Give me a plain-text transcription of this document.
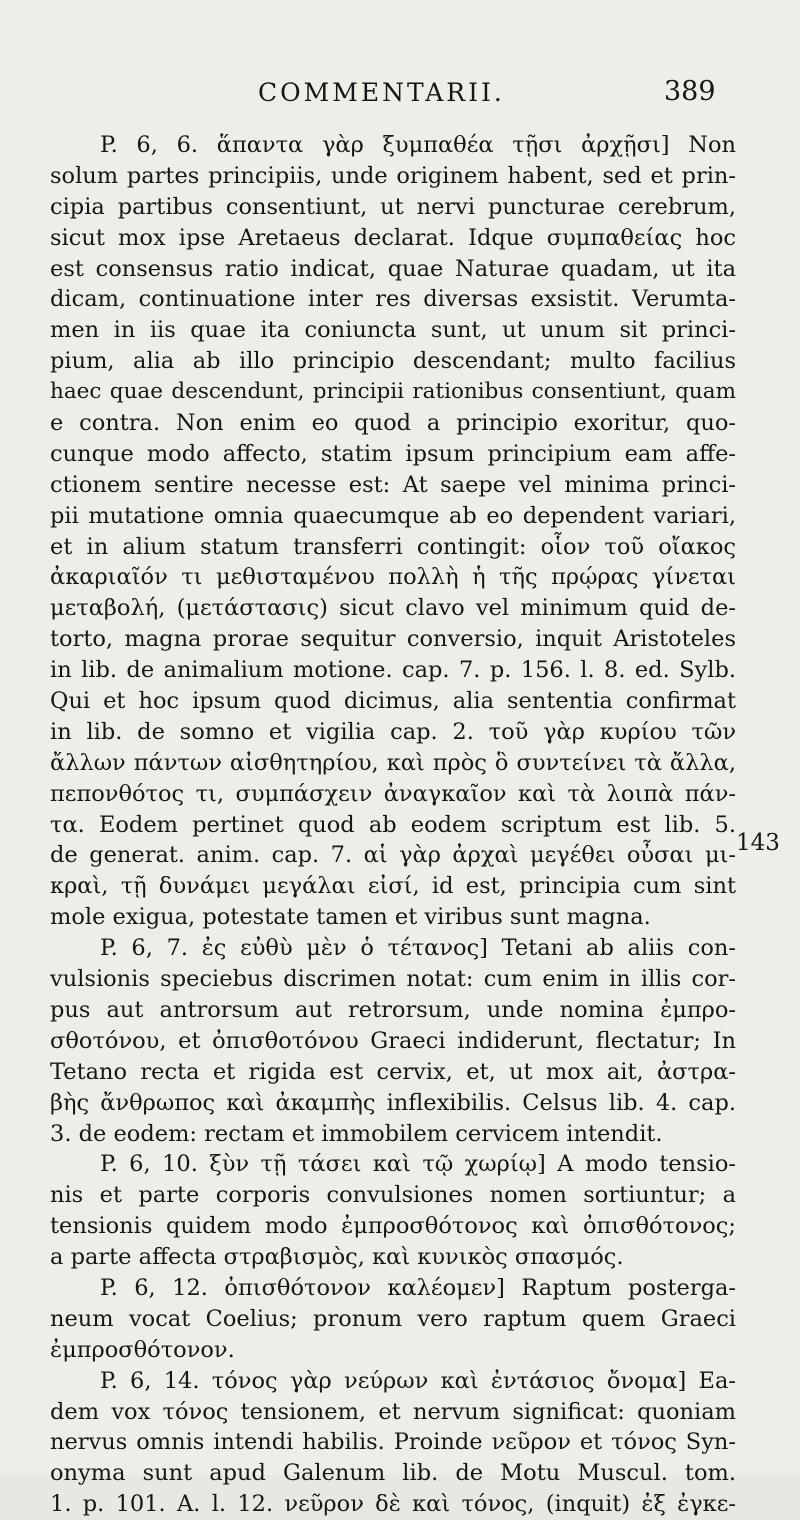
COMMENTARII.	389
P. 6, 6. ἅπαντα γὰρ ξυμπαθέα τῇσι ἀρχῇσι] Non
solum partes principiis, unde originem habent, sed et prin-
cipia partibus consentiunt, ut nervi puncturae cerebrum,
sicut mox ipse Aretaeus declarat. Idque συμπαθείας hoc
est consensus ratio indicat, quae Naturae quadam, ut ita
dicam, continuatione inter res diversas exsistit. Verumta-
men in iis quae ita coniuncta sunt, ut unum sit princi-
pium, alia ab illo principio descendant; multo facilius
haec quae descendunt, principii rationibus consentiunt, quam
e contra. Non enim eo quod a principio exoritur, quo-
cunque modo affecto, statim ipsum principium eam affe-
ctionem sentire necesse est: At saepe vel minima princi-
pii mutatione omnia quaecumque ab eo dependent variari,
et in alium statum transferri contingit: οἷον τοῦ οἴακος
ἀκαριαῖόν τι μεθισταμένου πολλὴ ἡ τῆς πρῴρας γίνεται
μεταβολή, (μετάστασις) sicut clavo vel minimum quid de-
torto, magna prorae sequitur conversio, inquit Aristoteles
in lib. de animalium motione. cap. 7. p. 156. l. 8. ed. Sylb.
Qui et hoc ipsum quod dicimus, alia sententia confirmat
in lib. de somno et vigilia cap. 2. τοῦ γὰρ κυρίου τῶν
ἄλλων πάντων αἰσθητηρίου, καὶ πρὸς ὃ συντείνει τὰ ἄλλα,
πεπονθότος τι, συμπάσχειν ἀναγκαῖον καὶ τὰ λοιπὰ πάν-
τα. Eodem pertinet quod ab eodem scriptum est lib. 5.
de generat. anim. cap. 7. αἱ γὰρ ἀρχαὶ μεγέθει οὖσαι μι-
κραὶ, τῇ δυνάμει μεγάλαι εἰσί, id est, principia cum sint
mole exigua, potestate tamen et viribus sunt magna.
P. 6, 7. ἐς εὐθὺ μὲν ὁ τέτανος] Tetani ab aliis con-
vulsionis speciebus discrimen notat: cum enim in illis cor-
pus aut antrorsum aut retrorsum, unde nomina ἐμπρο-
σθοτόνου, et ὀπισθοτόνου Graeci indiderunt, flectatur; In
Tetano recta et rigida est cervix, et, ut mox ait, ἀστρα-
βὴς ἄνθρωπος καὶ ἀκαμπὴς inflexibilis. Celsus lib. 4. cap.
3. de eodem: rectam et immobilem cervicem intendit.
P. 6, 10. ξὺν τῇ τάσει καὶ τῷ χωρίῳ] A modo tensio-
nis et parte corporis convulsiones nomen sortiuntur; a
tensionis quidem modo ἐμπροσθότονος καὶ ὀπισθότονος;
a parte affecta στραβισμὸς, καὶ κυνικὸς σπασμός.
P. 6, 12. ὀπισθότονον καλέομεν] Raptum posterga-
neum vocat Coelius; pronum vero raptum quem Graeci
ἐμπροσθότονον.
P. 6, 14. τόνος γὰρ νεύρων καὶ ἐντάσιος ὄνομα] Ea-
dem vox τόνος tensionem, et nervum significat: quoniam
nervus omnis intendi habilis. Proinde νεῦρον et τόνος Syn-
onyma sunt apud Galenum lib. de Motu Muscul. tom.
1. p. 101. A. l. 12. νεῦρον δὲ καὶ τόνος, (inquit) ἐξ ἐγκε-
143
